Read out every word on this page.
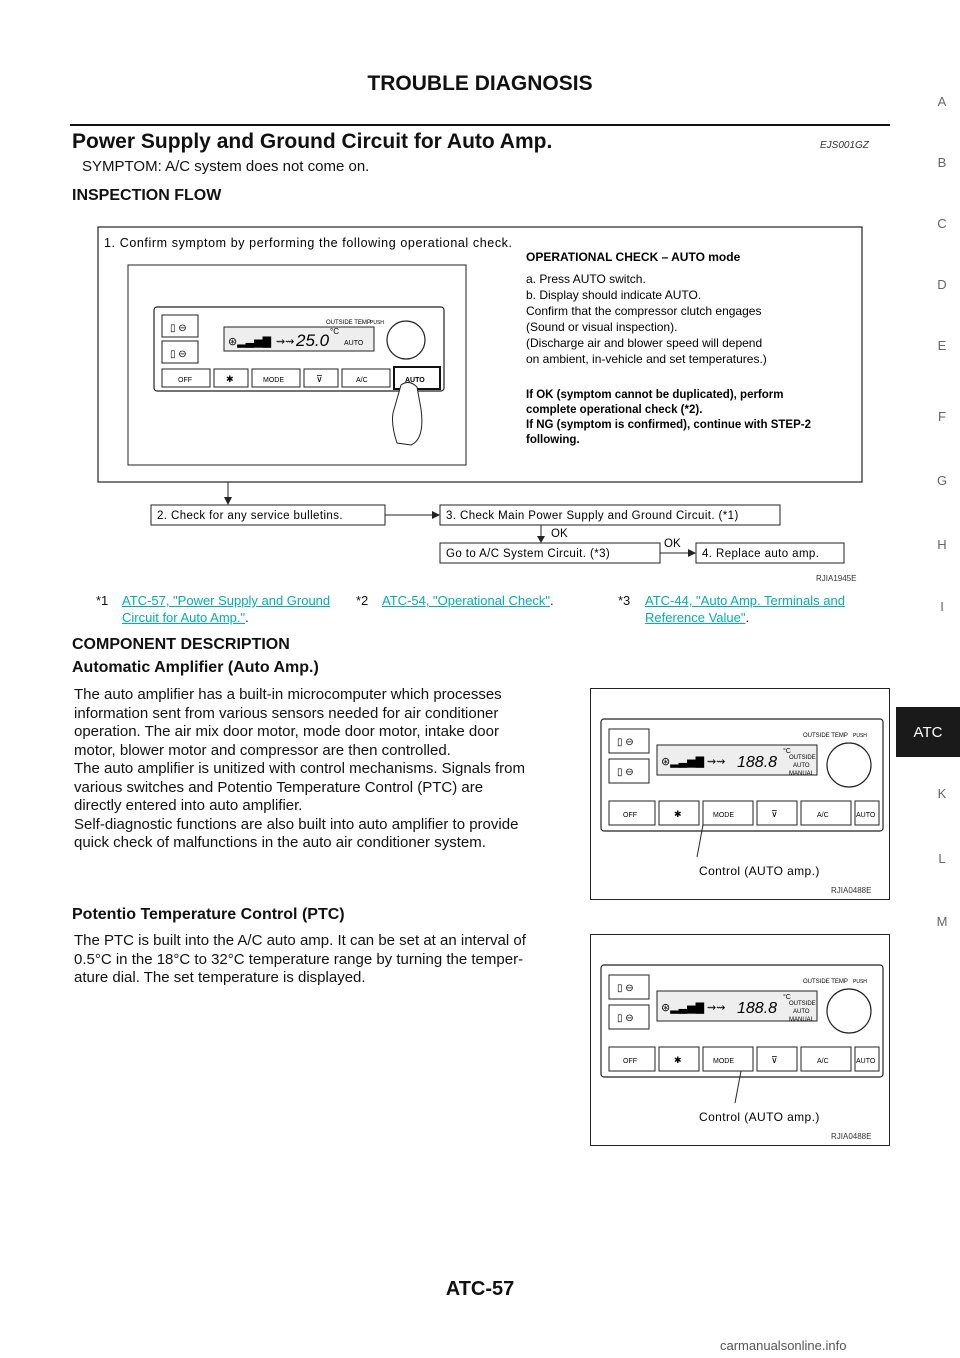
TROUBLE DIAGNOSIS
Power Supply and Ground Circuit for Auto Amp.	EJS001GZ
SYMPTOM: A/C system does not come on.
INSPECTION FLOW
1. Confirm symptom by performing the following operational check.
▯ ⊖
▯ ⊖
⊛▂▃▅▇ ⇝⇝ 25.0 °C
AUTO
OUTSIDE TEMP PUSH
OFF	✱	MODE	⊽	A/C	AUTO
OPERATIONAL CHECK – AUTO mode
a. Press AUTO switch.
b. Display should indicate AUTO.
Confirm that the compressor clutch engages
(Sound or visual inspection).
(Discharge air and blower speed will depend
on ambient, in-vehicle and set temperatures.)
If OK (symptom cannot be duplicated), perform
complete operational check (*2).
If NG (symptom is confirmed), continue with STEP-2
following.
2. Check for any service bulletins.	3. Check Main Power Supply and Ground Circuit. (*1)
OK
Go to A/C System Circuit. (*3)
OK
4. Replace auto amp.
RJIA1945E
*1 ATC-57, "Power Supply and Ground
Circuit for Auto Amp.".
*2 ATC-54, "Operational Check".	*3 ATC-44, "Auto Amp. Terminals and
Reference Value".
COMPONENT DESCRIPTION
Automatic Amplifier (Auto Amp.)
The auto amplifier has a built-in microcomputer which processes
information sent from various sensors needed for air conditioner
operation. The air mix door motor, mode door motor, intake door
motor, blower motor and compressor are then controlled.
The auto amplifier is unitized with control mechanisms. Signals from
various switches and Potentio Temperature Control (PTC) are
directly entered into auto amplifier.
Self-diagnostic functions are also built into auto amplifier to provide
quick check of malfunctions in the auto air conditioner system.
▯ ⊖
▯ ⊖
⊛▂▃▅▇ ⇝⇝ 188.8
°C
OUTSIDE TEMP PUSH
OUTSIDE
AUTO
MANUAL
OFF	✱	MODE	⊽	A/C	AUTO
Control (AUTO amp.)
RJIA0488E
Potentio Temperature Control (PTC)
The PTC is built into the A/C auto amp. It can be set at an interval of
0.5°C in the 18°C to 32°C temperature range by turning the temper-
ature dial. The set temperature is displayed.
▯ ⊖
▯ ⊖
⊛▂▃▅▇ ⇝⇝ 188.8
°C
OUTSIDE TEMP PUSH
OUTSIDE
AUTO
MANUAL
OFF	✱	MODE	⊽	A/C	AUTO
Control (AUTO amp.)
RJIA0488E
A
B
C
D
E
F
G
H
I
ATC
K
L
M
ATC-57
carmanualsonline.info
